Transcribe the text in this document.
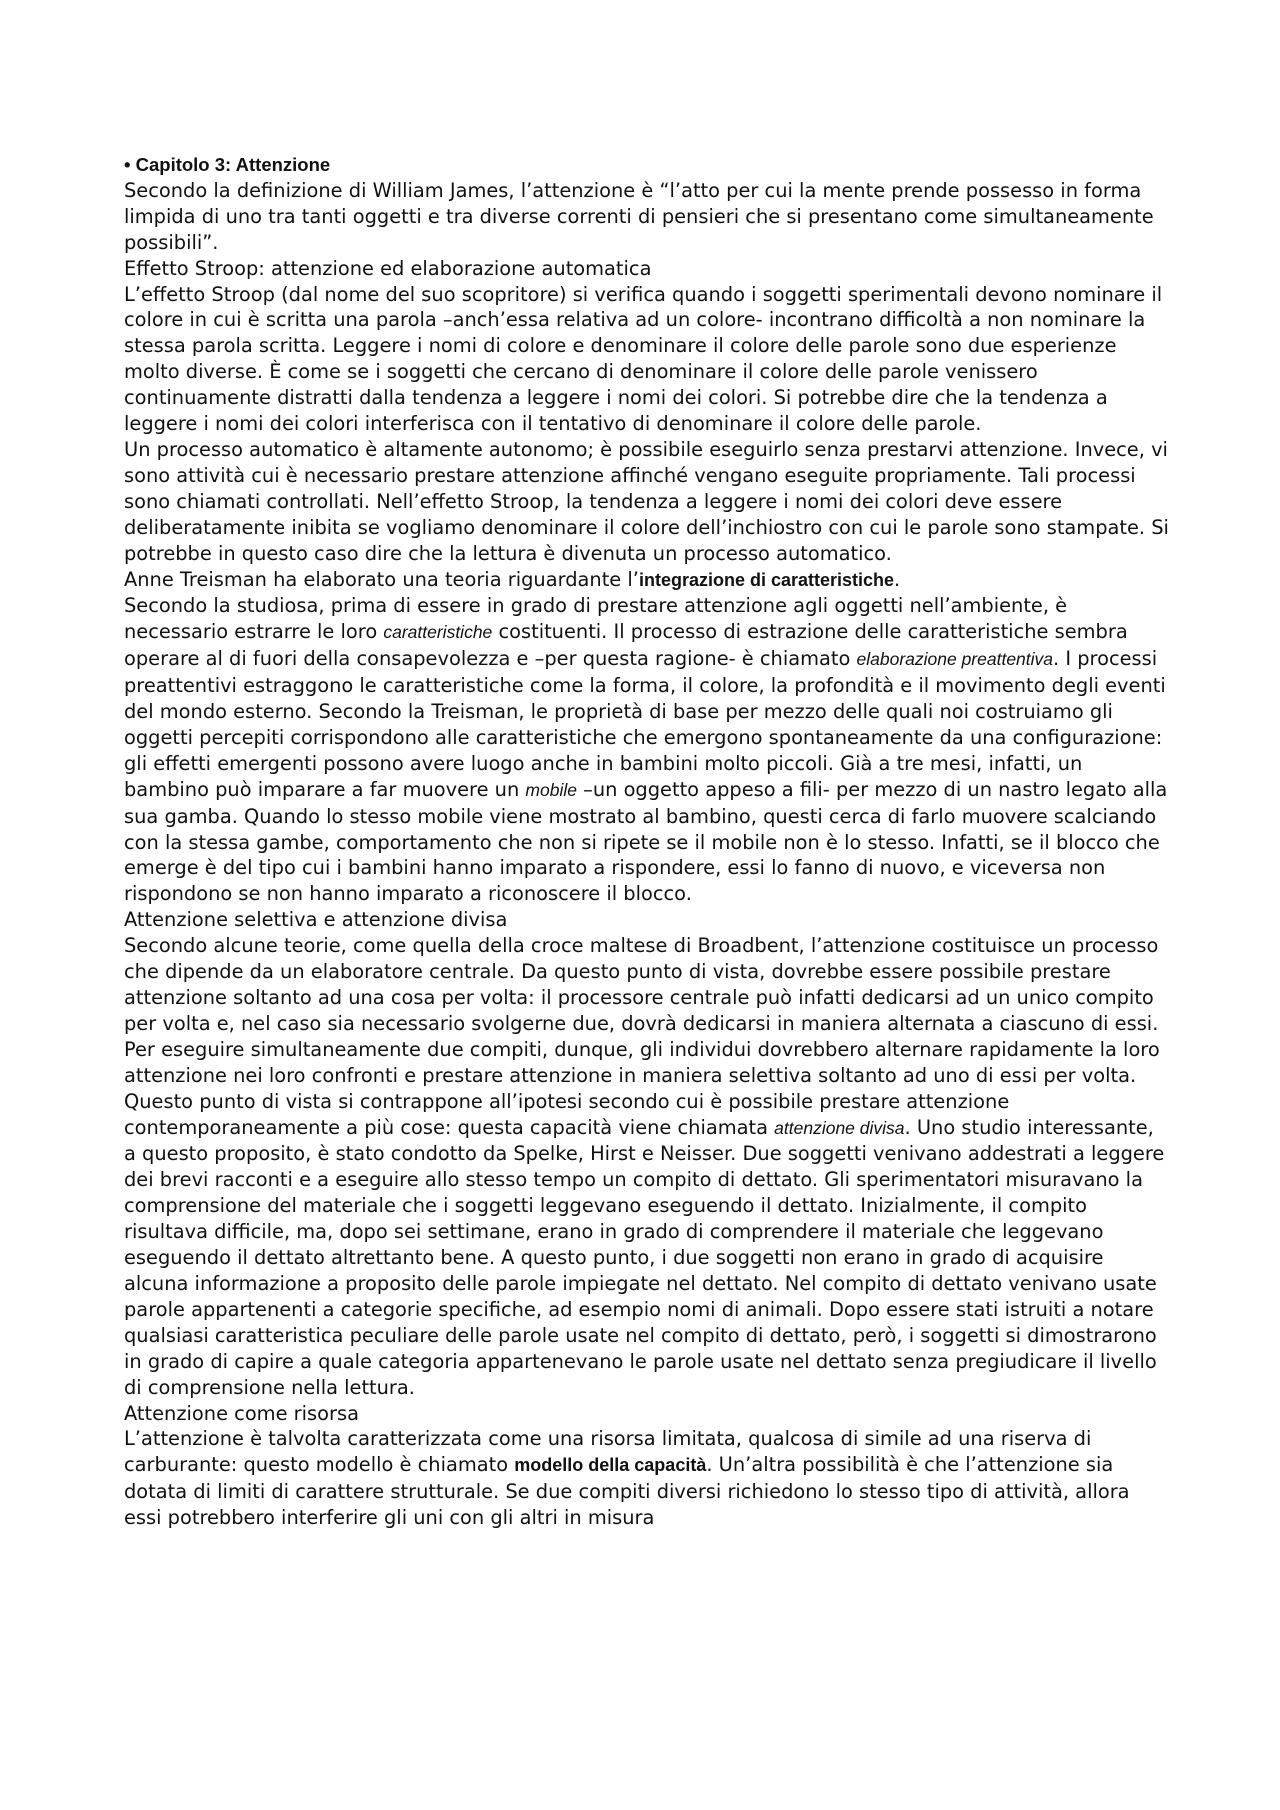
• Capitolo 3: Attenzione

Secondo la definizione di William James, l’attenzione è “l’atto per cui la mente prende possesso in forma limpida di uno tra tanti oggetti e tra diverse correnti di pensieri che si presentano come simultaneamente possibili”.

Effetto Stroop: attenzione ed elaborazione automatica

L’effetto Stroop (dal nome del suo scopritore) si verifica quando i soggetti sperimentali devono nominare il colore in cui è scritta una parola –anch’essa relativa ad un colore- incontrano difficoltà a non nominare la stessa parola scritta. Leggere i nomi di colore e denominare il colore delle parole sono due esperienze molto diverse. È come se i soggetti che cercano di denominare il colore delle parole venissero continuamente distratti dalla tendenza a leggere i nomi dei colori. Si potrebbe dire che la tendenza a leggere i nomi dei colori interferisca con il tentativo di denominare il colore delle parole.

Un processo automatico è altamente autonomo; è possibile eseguirlo senza prestarvi attenzione. Invece, vi sono attività cui è necessario prestare attenzione affinché vengano eseguite propriamente. Tali processi sono chiamati controllati. Nell’effetto Stroop, la tendenza a leggere i nomi dei colori deve essere deliberatamente inibita se vogliamo denominare il colore dell’inchiostro con cui le parole sono stampate. Si potrebbe in questo caso dire che la lettura è divenuta un processo automatico.

Anne Treisman ha elaborato una teoria riguardante l’integrazione di caratteristiche.

Secondo la studiosa, prima di essere in grado di prestare attenzione agli oggetti nell’ambiente, è necessario estrarre le loro caratteristiche costituenti. Il processo di estrazione delle caratteristiche sembra operare al di fuori della consapevolezza e –per questa ragione- è chiamato elaborazione preattentiva. I processi preattentivi estraggono le caratteristiche come la forma, il colore, la profondità e il movimento degli eventi del mondo esterno. Secondo la Treisman, le proprietà di base per mezzo delle quali noi costruiamo gli oggetti percepiti corrispondono alle caratteristiche che emergono spontaneamente da una configurazione: gli effetti emergenti possono avere luogo anche in bambini molto piccoli. Già a tre mesi, infatti, un bambino può imparare a far muovere un mobile –un oggetto appeso a fili- per mezzo di un nastro legato alla sua gamba. Quando lo stesso mobile viene mostrato al bambino, questi cerca di farlo muovere scalciando con la stessa gambe, comportamento che non si ripete se il mobile non è lo stesso. Infatti, se il blocco che emerge è del tipo cui i bambini hanno imparato a rispondere, essi lo fanno di nuovo, e viceversa non rispondono se non hanno imparato a riconoscere il blocco.

Attenzione selettiva e attenzione divisa

Secondo alcune teorie, come quella della croce maltese di Broadbent, l’attenzione costituisce un processo che dipende da un elaboratore centrale. Da questo punto di vista, dovrebbe essere possibile prestare attenzione soltanto ad una cosa per volta: il processore centrale può infatti dedicarsi ad un unico compito per volta e, nel caso sia necessario svolgerne due, dovrà dedicarsi in maniera alternata a ciascuno di essi. Per eseguire simultaneamente due compiti, dunque, gli individui dovrebbero alternare rapidamente la loro attenzione nei loro confronti e prestare attenzione in maniera selettiva soltanto ad uno di essi per volta. Questo punto di vista si contrappone all’ipotesi secondo cui è possibile prestare attenzione contemporaneamente a più cose: questa capacità viene chiamata attenzione divisa. Uno studio interessante, a questo proposito, è stato condotto da Spelke, Hirst e Neisser. Due soggetti venivano addestrati a leggere dei brevi racconti e a eseguire allo stesso tempo un compito di dettato. Gli sperimentatori misuravano la comprensione del materiale che i soggetti leggevano eseguendo il dettato. Inizialmente, il compito risultava difficile, ma, dopo sei settimane, erano in grado di comprendere il materiale che leggevano eseguendo il dettato altrettanto bene. A questo punto, i due soggetti non erano in grado di acquisire alcuna informazione a proposito delle parole impiegate nel dettato. Nel compito di dettato venivano usate parole appartenenti a categorie specifiche, ad esempio nomi di animali. Dopo essere stati istruiti a notare qualsiasi caratteristica peculiare delle parole usate nel compito di dettato, però, i soggetti si dimostrarono in grado di capire a quale categoria appartenevano le parole usate nel dettato senza pregiudicare il livello di comprensione nella lettura.

Attenzione come risorsa

L’attenzione è talvolta caratterizzata come una risorsa limitata, qualcosa di simile ad una riserva di carburante: questo modello è chiamato modello della capacità. Un’altra possibilità è che l’attenzione sia dotata di limiti di carattere strutturale. Se due compiti diversi richiedono lo stesso tipo di attività, allora essi potrebbero interferire gli uni con gli altri in misura
